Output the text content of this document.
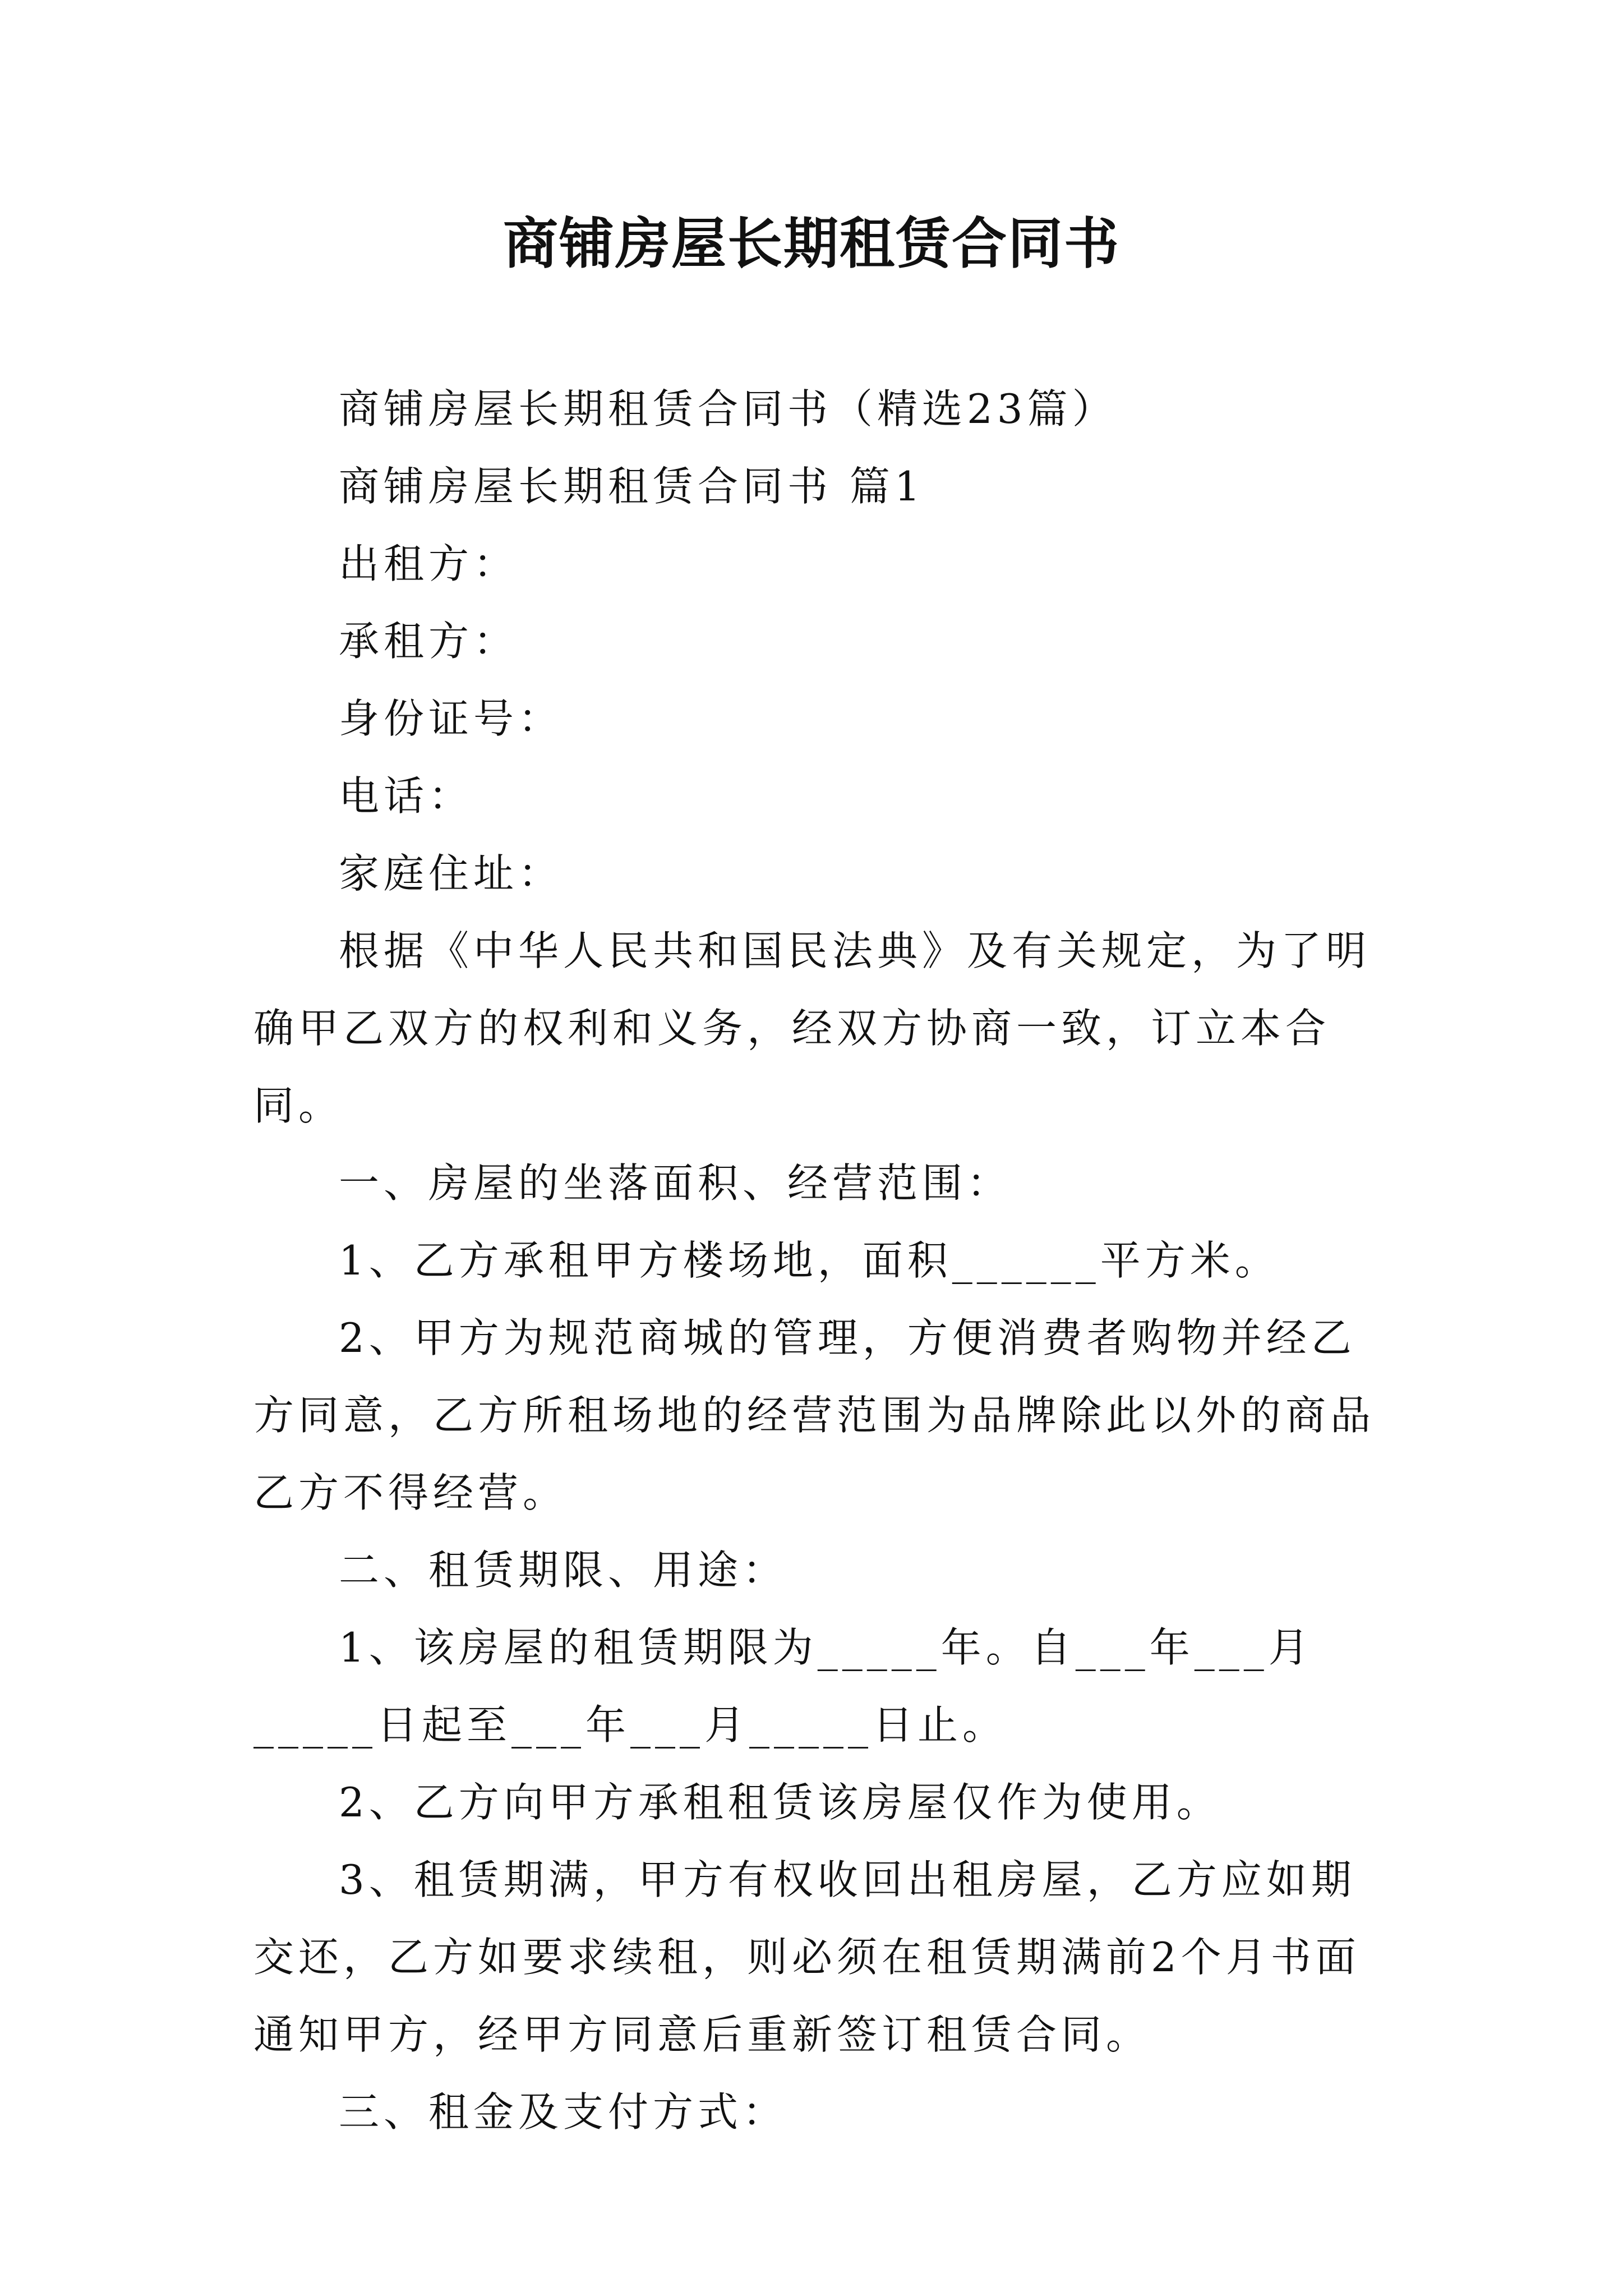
商铺房屋长期租赁合同书

商铺房屋长期租赁合同书（精选23篇）

商铺房屋长期租赁合同书 篇1

出租方：

承租方：

身份证号：

电话：

家庭住址：

根据《中华人民共和国民法典》及有关规定，为了明确甲乙双方的权利和义务，经双方协商一致，订立本合同。

一、房屋的坐落面积、经营范围：

1、乙方承租甲方楼场地，面积______平方米。

2、甲方为规范商城的管理，方便消费者购物并经乙方同意，乙方所租场地的经营范围为品牌除此以外的商品乙方不得经营。

二、租赁期限、用途：

1、该房屋的租赁期限为_____年。自___年___月_____日起至___年___月_____日止。

2、乙方向甲方承租租赁该房屋仅作为使用。

3、租赁期满，甲方有权收回出租房屋，乙方应如期交还，乙方如要求续租，则必须在租赁期满前2个月书面通知甲方，经甲方同意后重新签订租赁合同。

三、租金及支付方式：
